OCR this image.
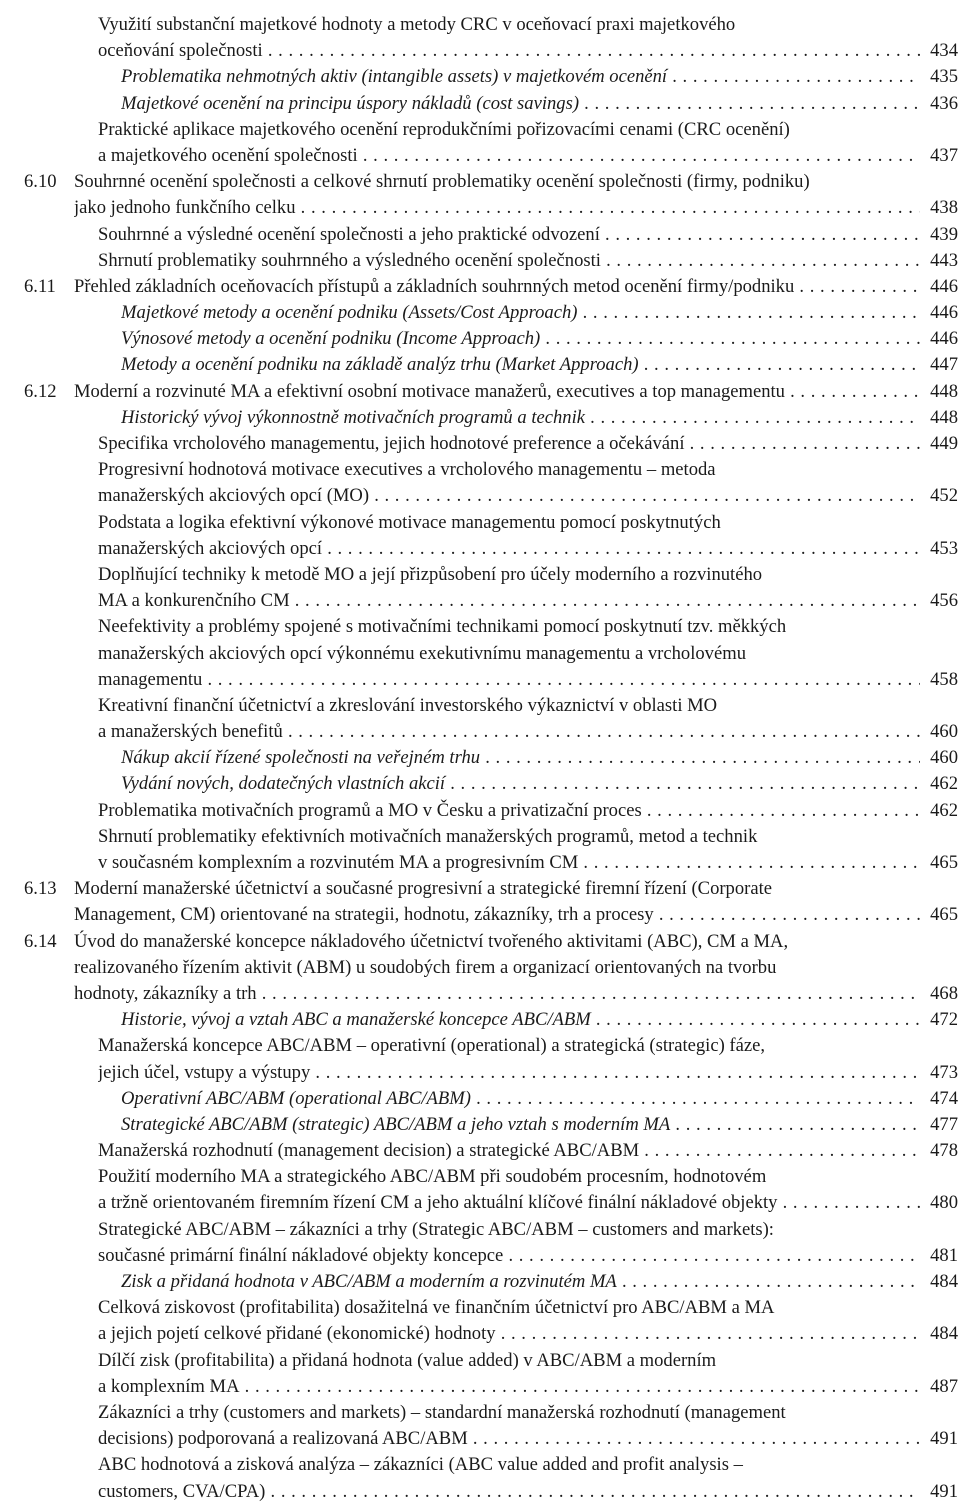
Využití substanční majetkové hodnoty a metody CRC v oceňovací praxi majetkového
oceňování společnosti . . .	434
Problematika nehmotných aktiv (intangible assets) v majetkovém ocenění . . .	435
Majetkové ocenění na principu úspory nákladů (cost savings) . . .	436
Praktické aplikace majetkového ocenění reprodukčními pořizovacími cenami (CRC ocenění)
a majetkového ocenění společnosti . . .	437
6.10 Souhrnné ocenění společnosti a celkové shrnutí problematiky ocenění společnosti (firmy, podniku)
jako jednoho funkčního celku . . .	438
Souhrnné a výsledné ocenění společnosti a jeho praktické odvození . . .	439
Shrnutí problematiky souhrnného a výsledného ocenění společnosti . . .	443
6.11 Přehled základních oceňovacích přístupů a základních souhrnných metod ocenění firmy/podniku . . .	446
Majetkové metody a ocenění podniku (Assets/Cost Approach) . . .	446
Výnosové metody a ocenění podniku (Income Approach) . . .	446
Metody a ocenění podniku na základě analýz trhu (Market Approach) . . .	447
6.12 Moderní a rozvinuté MA a efektivní osobní motivace manažerů, executives a top managementu . . .	448
Historický vývoj výkonnostně motivačních programů a technik . . .	448
Specifika vrcholového managementu, jejich hodnotové preference a očekávání . . .	449
Progresivní hodnotová motivace executives a vrcholového managementu – metoda
manažerských akciových opcí (MO) . . .	452
Podstata a logika efektivní výkonové motivace managementu pomocí poskytnutých
manažerských akciových opcí . . .	453
Doplňující techniky k metodě MO a její přizpůsobení pro účely moderního a rozvinutého
MA a konkurenčního CM . . .	456
Neefektivity a problémy spojené s motivačními technikami pomocí poskytnutí tzv. měkkých
manažerských akciových opcí výkonnému exekutivnímu managementu a vrcholovému
managementu . . .	458
Kreativní finanční účetnictví a zkreslování investorského výkaznictví v oblasti MO
a manažerských benefitů . . .	460
Nákup akcií řízené společnosti na veřejném trhu . . .	460
Vydání nových, dodatečných vlastních akcií . . .	462
Problematika motivačních programů a MO v Česku a privatizační proces . . .	462
Shrnutí problematiky efektivních motivačních manažerských programů, metod a technik
v současném komplexním a rozvinutém MA a progresivním CM . . .	465
6.13 Moderní manažerské účetnictví a současné progresivní a strategické firemní řízení (Corporate
Management, CM) orientované na strategii, hodnotu, zákazníky, trh a procesy . . .	465
6.14 Úvod do manažerské koncepce nákladového účetnictví tvořeného aktivitami (ABC), CM a MA,
realizovaného řízením aktivit (ABM) u soudobých firem a organizací orientovaných na tvorbu
hodnoty, zákazníky a trh . . .	468
Historie, vývoj a vztah ABC a manažerské koncepce ABC/ABM . . .	472
Manažerská koncepce ABC/ABM – operativní (operational) a strategická (strategic) fáze,
jejich účel, vstupy a výstupy . . .	473
Operativní ABC/ABM (operational ABC/ABM) . . .	474
Strategické ABC/ABM (strategic) ABC/ABM a jeho vztah s moderním MA . . .	477
Manažerská rozhodnutí (management decision) a strategické ABC/ABM . . .	478
Použití moderního MA a strategického ABC/ABM při soudobém procesním, hodnotovém
a tržně orientovaném firemním řízení CM a jeho aktuální klíčové finální nákladové objekty . . .	480
Strategické ABC/ABM – zákazníci a trhy (Strategic ABC/ABM – customers and markets):
současné primární finální nákladové objekty koncepce . . .	481
Zisk a přidaná hodnota v ABC/ABM a moderním a rozvinutém MA . . .	484
Celková ziskovost (profitabilita) dosažitelná ve finančním účetnictví pro ABC/ABM a MA
a jejich pojetí celkové přidané (ekonomické) hodnoty . . .	484
Dílčí zisk (profitabilita) a přidaná hodnota (value added) v ABC/ABM a moderním
a komplexním MA . . .	487
Zákazníci a trhy (customers and markets) – standardní manažerská rozhodnutí (management
decisions) podporovaná a realizovaná ABC/ABM . . .	491
ABC hodnotová a zisková analýza – zákazníci (ABC value added and profit analysis –
customers, CVA/CPA) . . .	491
